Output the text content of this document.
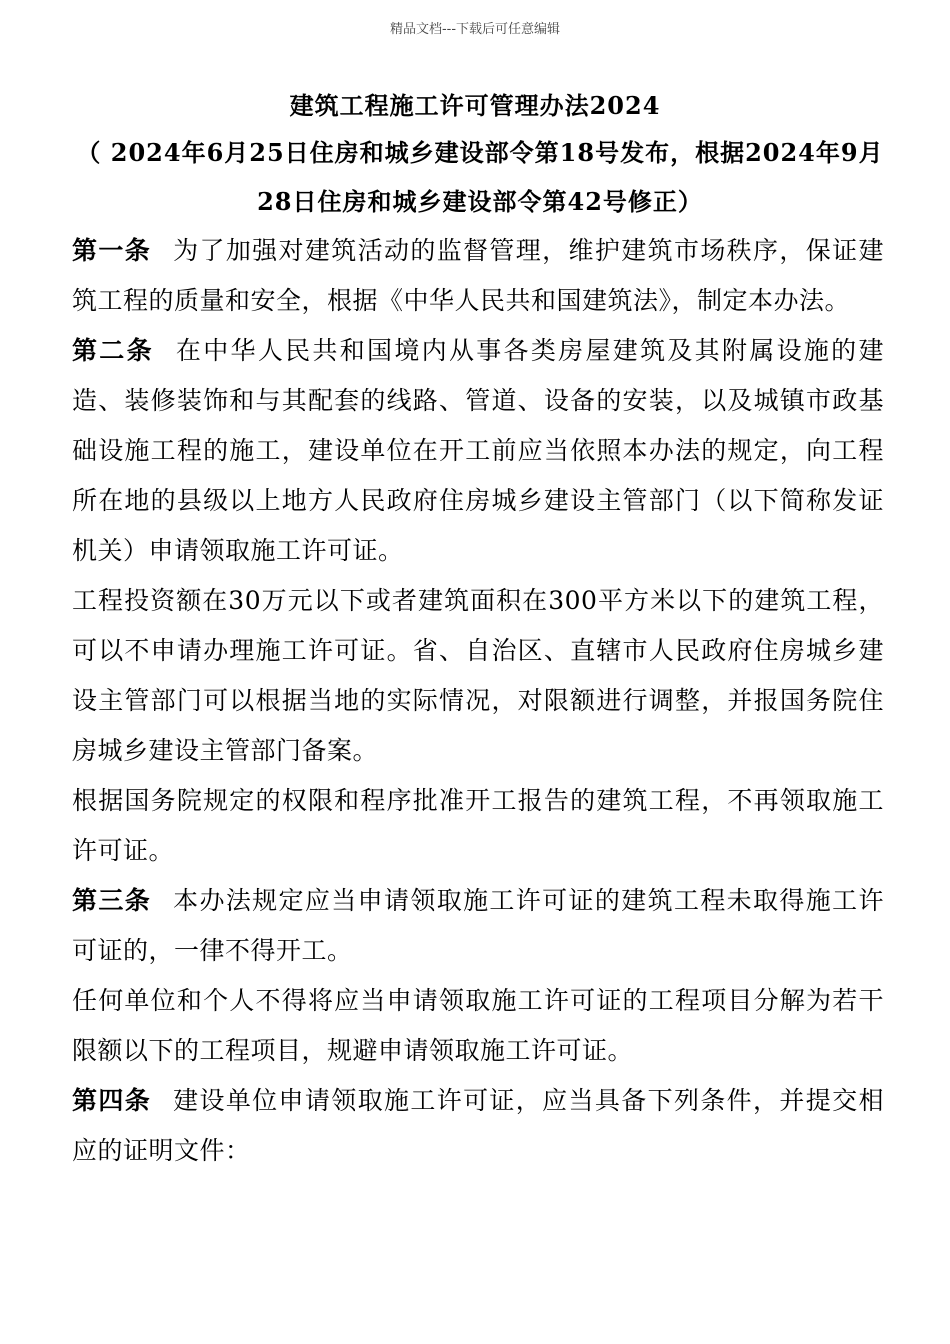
精品文档---下载后可任意编辑
建筑工程施工许可管理办法2024
（ 2024年6月25日住房和城乡建设部令第18号发布，根据2024年9月28日住房和城乡建设部令第42号修正）

第一条 为了加强对建筑活动的监督管理，维护建筑市场秩序，保证建筑工程的质量和安全，根据《中华人民共和国建筑法》，制定本办法。

第二条 在中华人民共和国境内从事各类房屋建筑及其附属设施的建造、装修装饰和与其配套的线路、管道、设备的安装，以及城镇市政基础设施工程的施工，建设单位在开工前应当依照本办法的规定，向工程所在地的县级以上地方人民政府住房城乡建设主管部门（以下简称发证机关）申请领取施工许可证。

工程投资额在30万元以下或者建筑面积在300平方米以下的建筑工程，可以不申请办理施工许可证。省、自治区、直辖市人民政府住房城乡建设主管部门可以根据当地的实际情况，对限额进行调整，并报国务院住房城乡建设主管部门备案。

根据国务院规定的权限和程序批准开工报告的建筑工程，不再领取施工许可证。

第三条 本办法规定应当申请领取施工许可证的建筑工程未取得施工许可证的，一律不得开工。

任何单位和个人不得将应当申请领取施工许可证的工程项目分解为若干限额以下的工程项目，规避申请领取施工许可证。

第四条 建设单位申请领取施工许可证，应当具备下列条件，并提交相应的证明文件：
